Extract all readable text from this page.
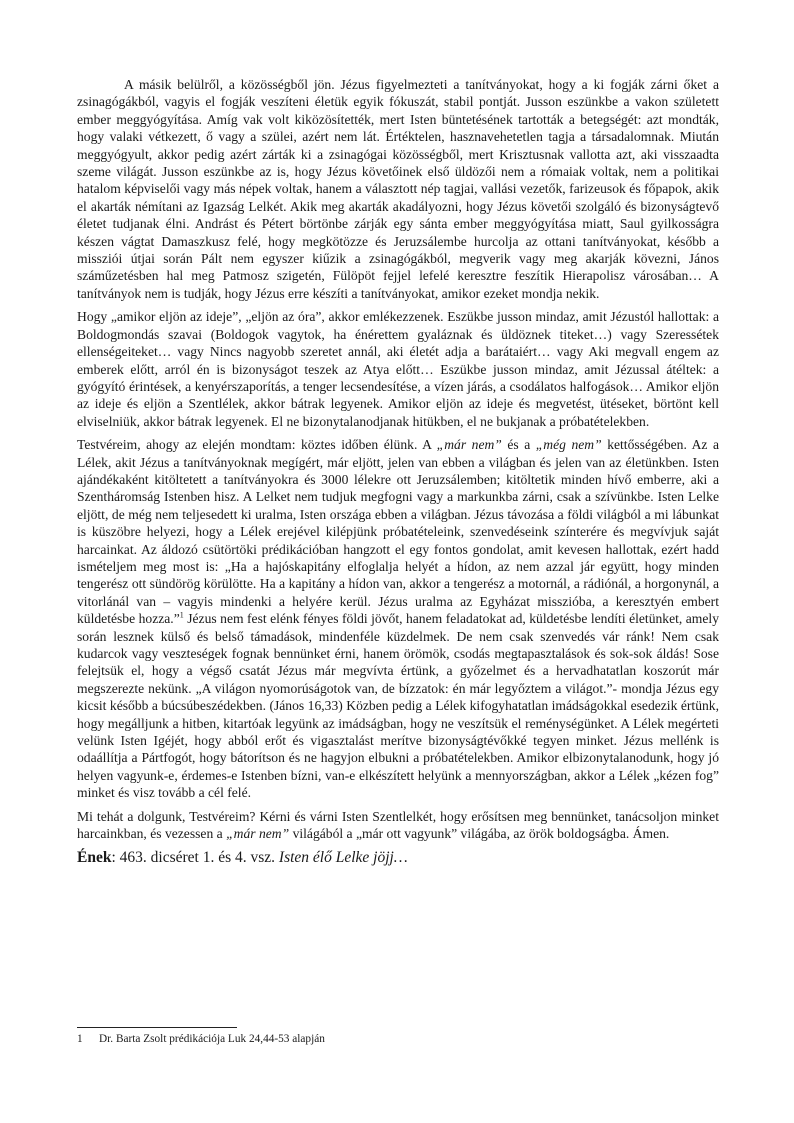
A másik belülről, a közösségből jön. Jézus figyelmezteti a tanítványokat, hogy a ki fogják zárni őket a zsinagógákból, vagyis el fogják veszíteni életük egyik fókuszát, stabil pontját. Jusson eszünkbe a vakon született ember meggyógyítása. Amíg vak volt kiközösítették, mert Isten büntetésének tartották a betegségét: azt mondták, hogy valaki vétkezett, ő vagy a szülei, azért nem lát. Értéktelen, hasznavehetetlen tagja a társadalomnak. Miután meggyógyult, akkor pedig azért zárták ki a zsinagógai közösségből, mert Krisztusnak vallotta azt, aki visszaadta szeme világát. Jusson eszünkbe az is, hogy Jézus követőinek első üldözői nem a rómaiak voltak, nem a politikai hatalom képviselői vagy más népek voltak, hanem a választott nép tagjai, vallási vezetők, farizeusok és főpapok, akik el akarták némítani az Igazság Lelkét. Akik meg akarták akadályozni, hogy Jézus követői szolgáló és bizonyságtevő életet tudjanak élni. Andrást és Pétert börtönbe zárják egy sánta ember meggyógyítása miatt, Saul gyilkosságra készen vágtat Damaszkusz felé, hogy megkötözze és Jeruzsálembe hurcolja az ottani tanítványokat, később a missziói útjai során Pált nem egyszer kiűzik a zsinagógákból, megverik vagy meg akarják kövezni, János száműzetésben hal meg Patmosz szigetén, Fülöpöt fejjel lefelé keresztre feszítik Hierapolisz városában… A tanítványok nem is tudják, hogy Jézus erre készíti a tanítványokat, amikor ezeket mondja nekik.

Hogy „amikor eljön az ideje”, „eljön az óra”, akkor emlékezzenek. Eszükbe jusson mindaz, amit Jézustól hallottak: a Boldogmondás szavai (Boldogok vagytok, ha énérettem gyaláznak és üldöznek titeket…) vagy Szeressétek ellenségeiteket… vagy Nincs nagyobb szeretet annál, aki életét adja a barátaiért… vagy Aki megvall engem az emberek előtt, arról én is bizonyságot teszek az Atya előtt… Eszükbe jusson mindaz, amit Jézussal átéltek: a gyógyító érintések, a kenyérszaporítás, a tenger lecsendesítése, a vízen járás, a csodálatos halfogások… Amikor eljön az ideje és eljön a Szentlélek, akkor bátrak legyenek. Amikor eljön az ideje és megvetést, ütéseket, börtönt kell elviselniük, akkor bátrak legyenek. El ne bizonytalanodjanak hitükben, el ne bukjanak a próbatételekben.

Testvéreim, ahogy az elején mondtam: köztes időben élünk. A „már nem” és a „még nem” kettősségében. Az a Lélek, akit Jézus a tanítványoknak megígért, már eljött, jelen van ebben a világban és jelen van az életünkben. Isten ajándékaként kitöltetett a tanítványokra és 3000 lélekre ott Jeruzsálemben; kitöltetik minden hívő emberre, aki a Szentháromság Istenben hisz. A Lelket nem tudjuk megfogni vagy a markunkba zárni, csak a szívünkbe. Isten Lelke eljött, de még nem teljesedett ki uralma, Isten országa ebben a világban. Jézus távozása a földi világból a mi lábunkat is küszöbre helyezi, hogy a Lélek erejével kilépjünk próbatételeink, szenvedéseink színterére és megvívjuk saját harcainkat. Az áldozó csütörtöki prédikációban hangzott el egy fontos gondolat, amit kevesen hallottak, ezért hadd ismételjem meg most is: „Ha a hajóskapitány elfoglalja helyét a hídon, az nem azzal jár együtt, hogy minden tengerész ott sündörög körülötte. Ha a kapitány a hídon van, akkor a tengerész a motornál, a rádiónál, a horgonynál, a vitorlánál van – vagyis mindenki a helyére kerül. Jézus uralma az Egyházat misszióba, a keresztyén embert küldetésbe hozza.”$^1$ Jézus nem fest elénk fényes földi jövőt, hanem feladatokat ad, küldetésbe lendíti életünket, amely során lesznek külső és belső támadások, mindenféle küzdelmek. De nem csak szenvedés vár ránk! Nem csak kudarcok vagy veszteségek fognak bennünket érni, hanem örömök, csodás megtapasztalások és sok-sok áldás! Sose felejtsük el, hogy a végső csatát Jézus már megvívta értünk, a győzelmet és a hervadhatatlan koszorút már megszerezte nekünk. „A világon nyomorúságotok van, de bízzatok: én már legyőztem a világot.”- mondja Jézus egy kicsit később a búcsúbeszédekben. (János 16,33) Közben pedig a Lélek kifogyhatatlan imádságokkal esedezik értünk, hogy megálljunk a hitben, kitartóak legyünk az imádságban, hogy ne veszítsük el reménységünket. A Lélek megérteti velünk Isten Igéjét, hogy abból erőt és vigasztalást merítve bizonyságtévőkké tegyen minket. Jézus mellénk is odaállítja a Pártfogót, hogy bátorítson és ne hagyjon elbukni a próbatételekben. Amikor elbizonytalanodunk, hogy jó helyen vagyunk-e, érdemes-e Istenben bízni, van-e elkészített helyünk a mennyországban, akkor a Lélek „kézen fog” minket és visz tovább a cél felé.

Mi tehát a dolgunk, Testvéreim? Kérni és várni Isten Szentlelkét, hogy erősítsen meg bennünket, tanácsoljon minket harcainkban, és vezessen a „már nem” világából a „már ott vagyunk” világába, az örök boldogságba. Ámen.

Ének: 463. dicséret 1. és 4. vsz. Isten élő Lelke jöjj…

1 Dr. Barta Zsolt prédikációja Luk 24,44-53 alapján
